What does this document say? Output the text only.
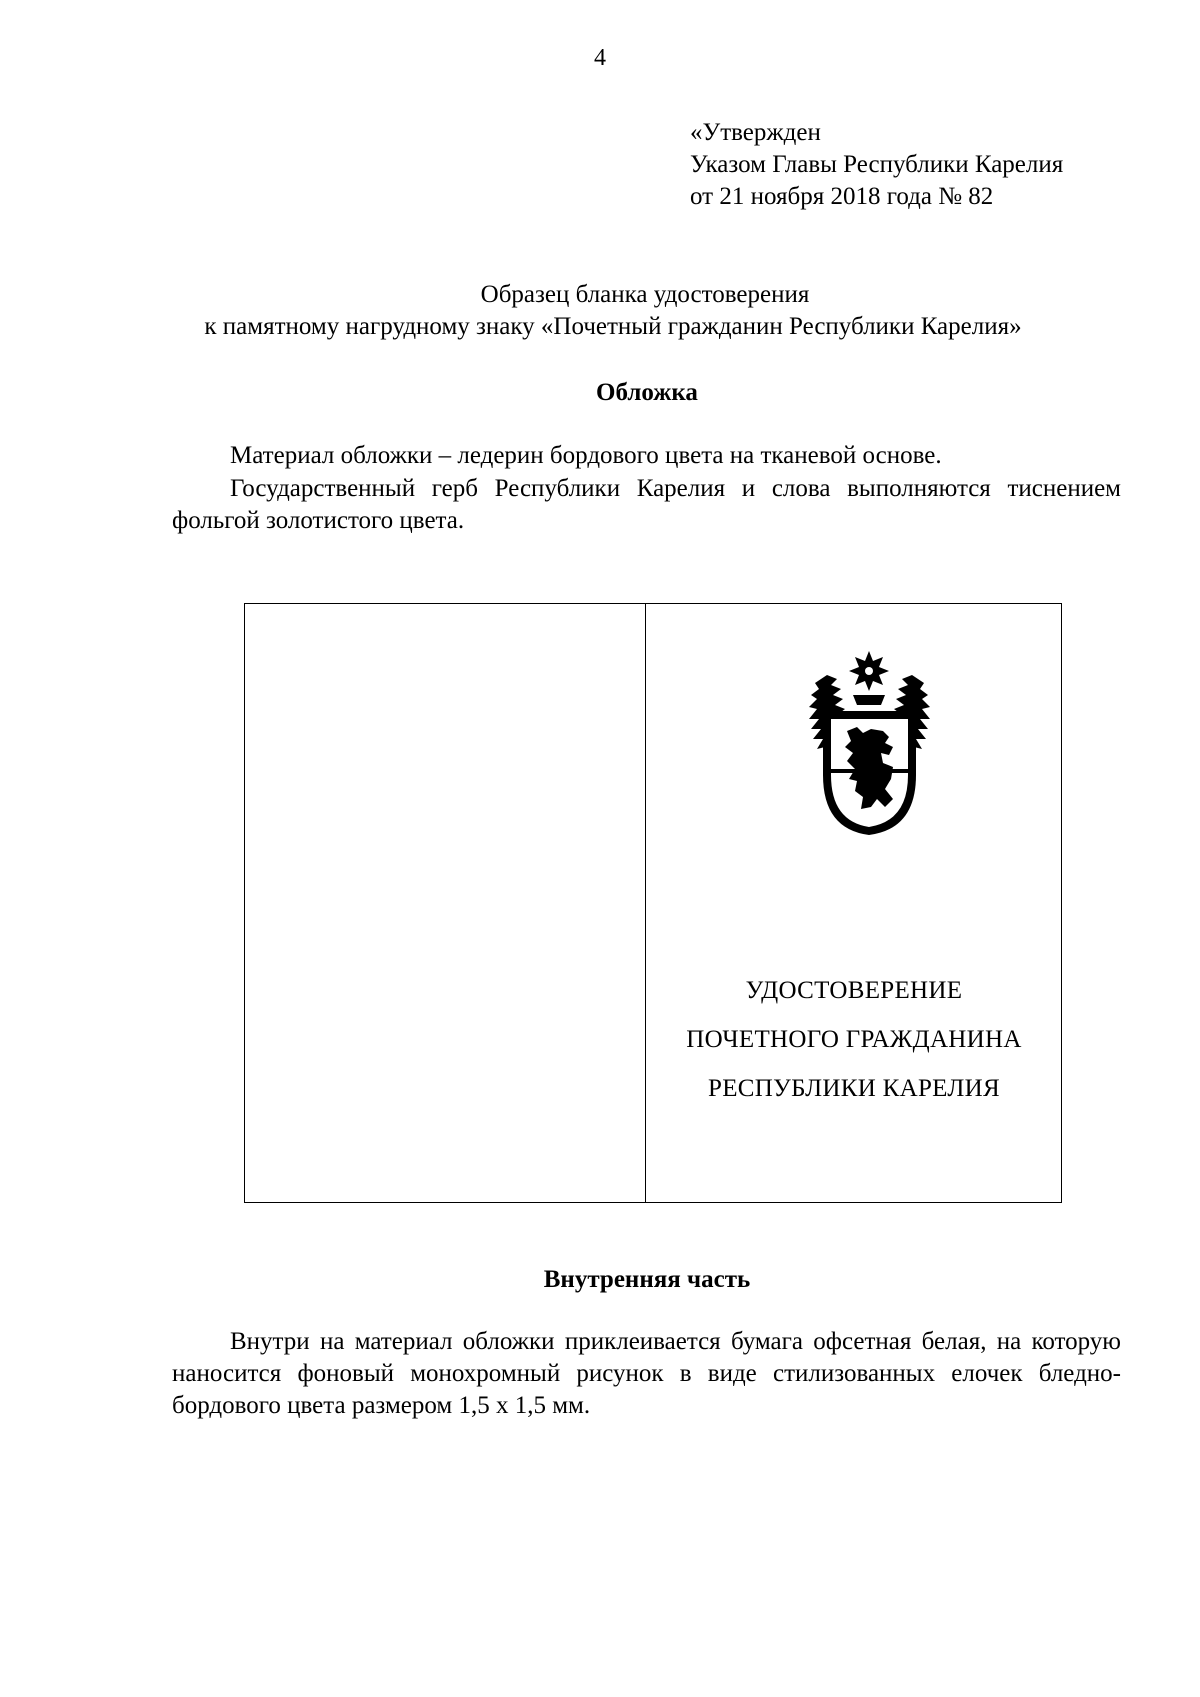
4
«Утвержден
Указом Главы Республики Карелия
от 21 ноября 2018 года № 82
Образец бланка удостоверения
к памятному нагрудному знаку «Почетный гражданин Республики Карелия»
Обложка
Материал обложки – ледерин бордового цвета на тканевой основе.
Государственный герб Республики Карелия и слова выполняются тиснением фольгой золотистого цвета.
УДОСТОВЕРЕНИЕ
ПОЧЕТНОГО ГРАЖДАНИНА
РЕСПУБЛИКИ КАРЕЛИЯ
Внутренняя часть
Внутри на материал обложки приклеивается бумага офсетная белая, на которую наносится фоновый монохромный рисунок в виде стилизованных елочек бледно-бордового цвета размером 1,5 х 1,5 мм.
